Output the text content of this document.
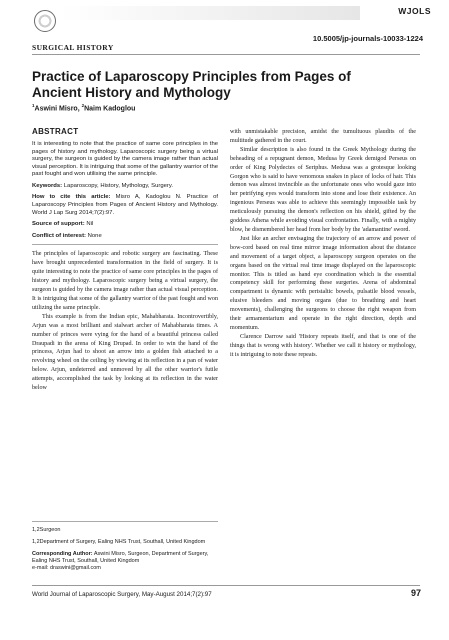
WJOLS
10.5005/jp-journals-10033-1224
SURGICAL HISTORY
Practice of Laparoscopy Principles from Pages of Ancient History and Mythology
$^1$Aswini Misro, $^2$Naim Kadoglou

ABSTRACT

It is interesting to note that the practice of same core principles in the pages of history and mythology. Laparoscopic surgery being a virtual surgery, the surgeon is guided by the camera image rather than actual visual perception. It is intriguing that some of the gallantry warrior of the past fought and won utilising the same principle.

Keywords: Laparoscopy, History, Mythology, Surgery.

How to cite this article: Misro A, Kadoglou N. Practice of Laparoscopy Principles from Pages of Ancient History and Mythology. World J Lap Surg 2014;7(2):97.

Source of support: Nil

Conflict of interest: None

The principles of laparoscopic and robotic surgery are fascinating. These have brought unprecedented transformation in the field of surgery. It is quite interesting to note the practice of same core principles in the pages of history and mythology. Laparoscopic surgery being a virtual surgery, the surgeon is guided by the camera image rather than actual visual perception. It is intriguing that some of the gallantry warrior of the past fought and won utilizing the same principle.

This example is from the Indian epic, Mahabharata. Incontrovertibly, Arjun was a most brilliant and stalwart archer of Mahabharata times. A number of princes were vying for the hand of a beautiful princess called Draupadi in the arena of King Drupad. In order to win the hand of the princess, Arjun had to shoot an arrow into a golden fish attached to a revolving wheel on the ceiling by viewing at its reflection in a pan of water below. Arjun, undeterred and unmoved by all the other warrior's futile attempts, accomplished the task by looking at its reflection in the water below

with unmistakable precision, amidst the tumultuous plaudits of the multitude gathered in the court.

Similar description is also found in the Greek Mythology during the beheading of a repugnant demon, Medusa by Greek demigod Perseus on order of King Polydectes of Seriphus. Medusa was a grotesque looking Gorgon who is said to have venomous snakes in place of locks of hair. This demon was almost invincible as the unfortunate ones who would gaze into her petrifying eyes would transform into stone and lose their existence. An ingenious Perseus was able to achieve this seemingly impossible task by meticulously pursuing the demon's reflection on his shield, gifted by the goddess Athena while avoiding visual confrontation. Finally, with a mighty blow, he dismembered her head from her body by the 'adamantine' sword.

Just like an archer envisaging the trajectory of an arrow and power of bow-cord based on real time mirror image information about the distance and movement of a target object, a laparoscopy surgeon operates on the organs based on the virtual real time image displayed on the laparoscopic monitor. This is titled as hand eye coordination which is the essential competency skill for performing these surgeries. Arena of abdominal compartment is dynamic with peristaltic bowels, pulsatile blood vessels, elusive bleeders and moving organs (due to breathing and heart movements), challenging the surgeons to choose the right weapon from their armamentarium and operate in the right direction, depth and momentum.

Clarence Darrow said 'History repeats itself, and that is one of the things that is wrong with history'. Whether we call it history or mythology, it is intriguing to note these repeats.

1,2Surgeon

1,2Department of Surgery, Ealing NHS Trust, Southall, United Kingdom

Corresponding Author: Aswini Misro, Surgeon, Department of Surgery, Ealing NHS Trust, Southall, United Kingdom
e-mail: draswini@gmail.com

World Journal of Laparoscopic Surgery, May-August 2014;7(2):97	97
